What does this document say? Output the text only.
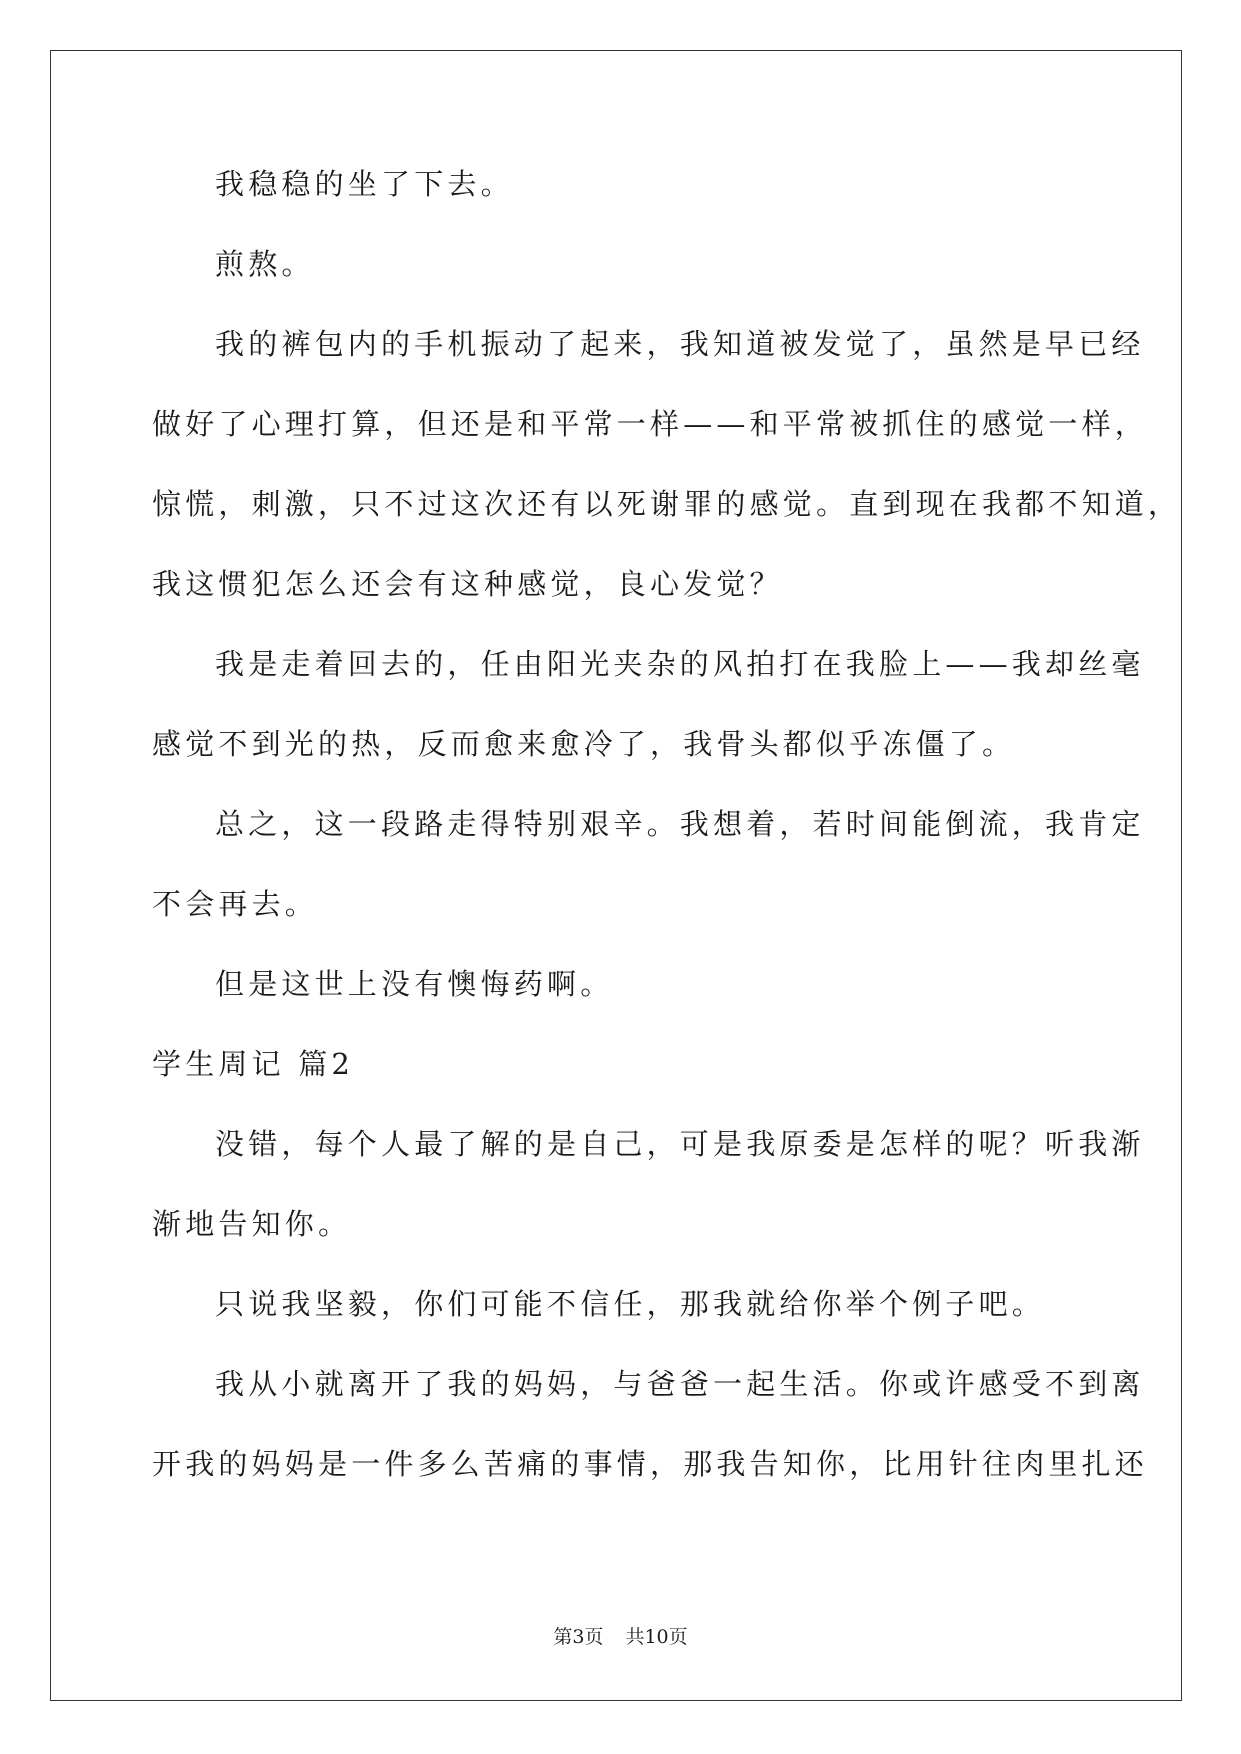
我稳稳的坐了下去。

煎熬。

我的裤包内的手机振动了起来，我知道被发觉了，虽然是早已经

做好了心理打算，但还是和平常一样——和平常被抓住的感觉一样，

惊慌，刺激，只不过这次还有以死谢罪的感觉。直到现在我都不知道，

我这惯犯怎么还会有这种感觉，良心发觉？

我是走着回去的，任由阳光夹杂的风拍打在我脸上——我却丝毫

感觉不到光的热，反而愈来愈冷了，我骨头都似乎冻僵了。

总之，这一段路走得特别艰辛。我想着，若时间能倒流，我肯定

不会再去。

但是这世上没有懊悔药啊。

学生周记 篇2

没错，每个人最了解的是自己，可是我原委是怎样的呢？听我渐

渐地告知你。

只说我坚毅，你们可能不信任，那我就给你举个例子吧。

我从小就离开了我的妈妈，与爸爸一起生活。你或许感受不到离

开我的妈妈是一件多么苦痛的事情，那我告知你，比用针往肉里扎还

第3页 共10页
